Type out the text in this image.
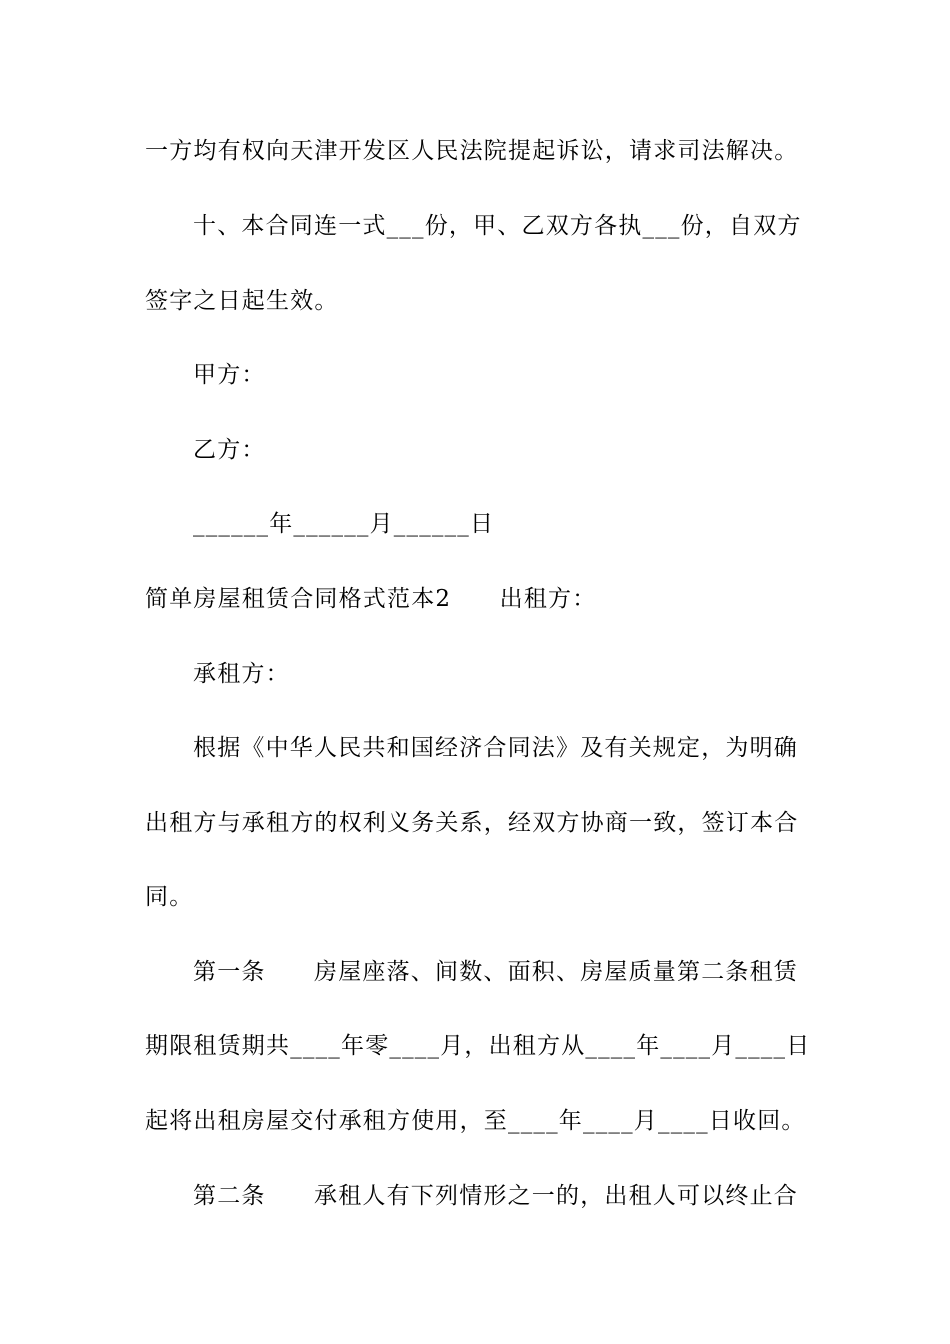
一方均有权向天津开发区人民法院提起诉讼，请求司法解决。
十、本合同连一式___份，甲、乙双方各执___份，自双方
签字之日起生效。
甲方：
乙方：
______年______月______日
简单房屋租赁合同格式范本2　　出租方：
承租方：
根据《中华人民共和国经济合同法》及有关规定，为明确
出租方与承租方的权利义务关系，经双方协商一致，签订本合
同。
第一条　　房屋座落、间数、面积、房屋质量第二条租赁
期限租赁期共____年零____月，出租方从____年____月____日
起将出租房屋交付承租方使用，至____年____月____日收回。
第二条　　承租人有下列情形之一的，出租人可以终止合
